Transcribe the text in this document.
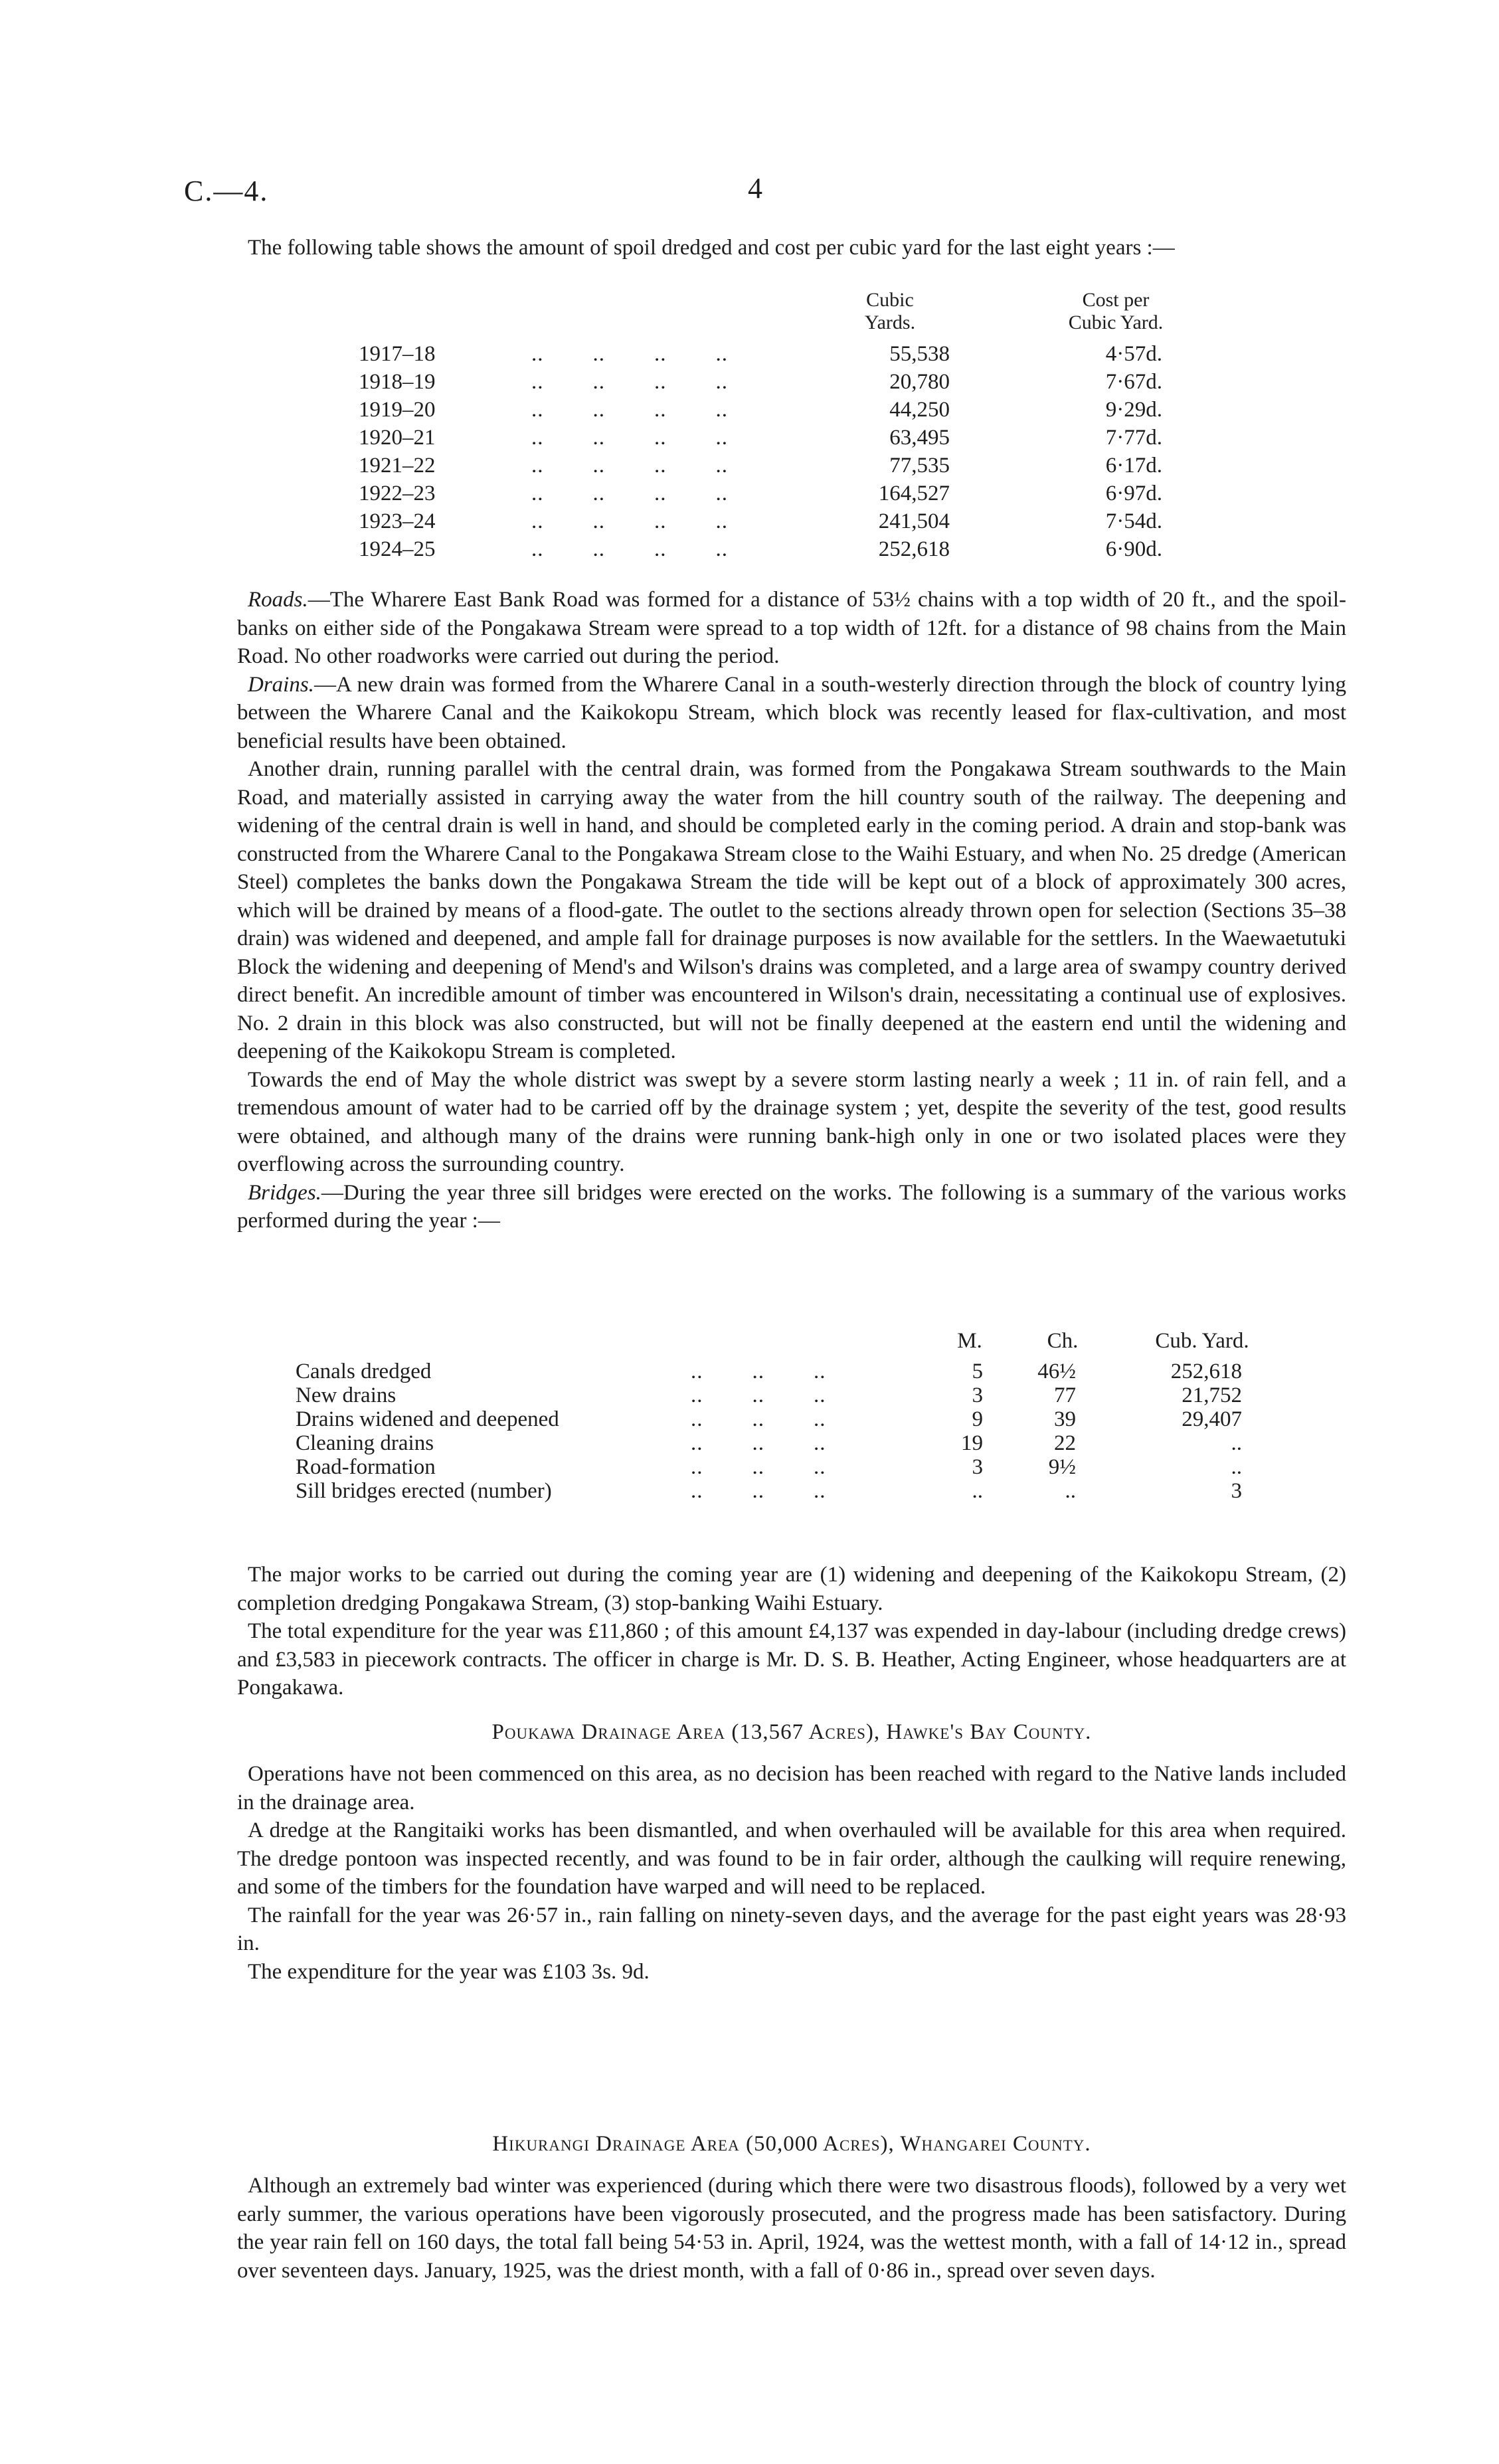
C.—4.	4

The following table shows the amount of spoil dredged and cost per cubic yard for the last eight years :—

Cubic
Yards.
Cost per
Cubic Yard.
1917–18	..        ..        ..        ..	55,538	4·57d.
1918–19	..        ..        ..        ..	20,780	7·67d.
1919–20	..        ..        ..        ..	44,250	9·29d.
1920–21	..        ..        ..        ..	63,495	7·77d.
1921–22	..        ..        ..        ..	77,535	6·17d.
1922–23	..        ..        ..        ..	164,527	6·97d.
1923–24	..        ..        ..        ..	241,504	7·54d.
1924–25	..        ..        ..        ..	252,618	6·90d.

Roads.—The Wharere East Bank Road was formed for a distance of 53½ chains with a top width of 20 ft., and the spoil-banks on either side of the Pongakawa Stream were spread to a top width of 12ft. for a distance of 98 chains from the Main Road. No other roadworks were carried out during the period.

Drains.—A new drain was formed from the Wharere Canal in a south-westerly direction through the block of country lying between the Wharere Canal and the Kaikokopu Stream, which block was recently leased for flax-cultivation, and most beneficial results have been obtained.

Another drain, running parallel with the central drain, was formed from the Pongakawa Stream southwards to the Main Road, and materially assisted in carrying away the water from the hill country south of the railway. The deepening and widening of the central drain is well in hand, and should be completed early in the coming period. A drain and stop-bank was constructed from the Wharere Canal to the Pongakawa Stream close to the Waihi Estuary, and when No. 25 dredge (American Steel) completes the banks down the Pongakawa Stream the tide will be kept out of a block of approximately 300 acres, which will be drained by means of a flood-gate. The outlet to the sections already thrown open for selection (Sections 35–38 drain) was widened and deepened, and ample fall for drainage purposes is now available for the settlers. In the Waewaetutuki Block the widening and deepening of Mend's and Wilson's drains was completed, and a large area of swampy country derived direct benefit. An incredible amount of timber was encountered in Wilson's drain, necessitating a continual use of explosives. No. 2 drain in this block was also constructed, but will not be finally deepened at the eastern end until the widening and deepening of the Kaikokopu Stream is completed.

Towards the end of May the whole district was swept by a severe storm lasting nearly a week ; 11 in. of rain fell, and a tremendous amount of water had to be carried off by the drainage system ; yet, despite the severity of the test, good results were obtained, and although many of the drains were running bank-high only in one or two isolated places were they overflowing across the surrounding country.

Bridges.—During the year three sill bridges were erected on the works. The following is a summary of the various works performed during the year :—

M.	Ch.	Cub. Yard.
Canals dredged	..        ..        ..	5	46½	252,618
New drains	..        ..        ..	3	77	21,752
Drains widened and deepened	..        ..        ..	9	39	29,407
Cleaning drains	..        ..        ..	19	22	..
Road-formation	..        ..        ..	3	9½	..
Sill bridges erected (number)	..        ..        ..	..	..	3

The major works to be carried out during the coming year are (1) widening and deepening of the Kaikokopu Stream, (2) completion dredging Pongakawa Stream, (3) stop-banking Waihi Estuary.

The total expenditure for the year was £11,860 ; of this amount £4,137 was expended in day-labour (including dredge crews) and £3,583 in piecework contracts. The officer in charge is Mr. D. S. B. Heather, Acting Engineer, whose headquarters are at Pongakawa.

Poukawa Drainage Area (13,567 Acres), Hawke's Bay County.

Operations have not been commenced on this area, as no decision has been reached with regard to the Native lands included in the drainage area.

A dredge at the Rangitaiki works has been dismantled, and when overhauled will be available for this area when required. The dredge pontoon was inspected recently, and was found to be in fair order, although the caulking will require renewing, and some of the timbers for the foundation have warped and will need to be replaced.

The rainfall for the year was 26·57 in., rain falling on ninety-seven days, and the average for the past eight years was 28·93 in.

The expenditure for the year was £103 3s. 9d.

Hikurangi Drainage Area (50,000 Acres), Whangarei County.

Although an extremely bad winter was experienced (during which there were two disastrous floods), followed by a very wet early summer, the various operations have been vigorously prosecuted, and the progress made has been satisfactory. During the year rain fell on 160 days, the total fall being 54·53 in. April, 1924, was the wettest month, with a fall of 14·12 in., spread over seventeen days. January, 1925, was the driest month, with a fall of 0·86 in., spread over seven days.
